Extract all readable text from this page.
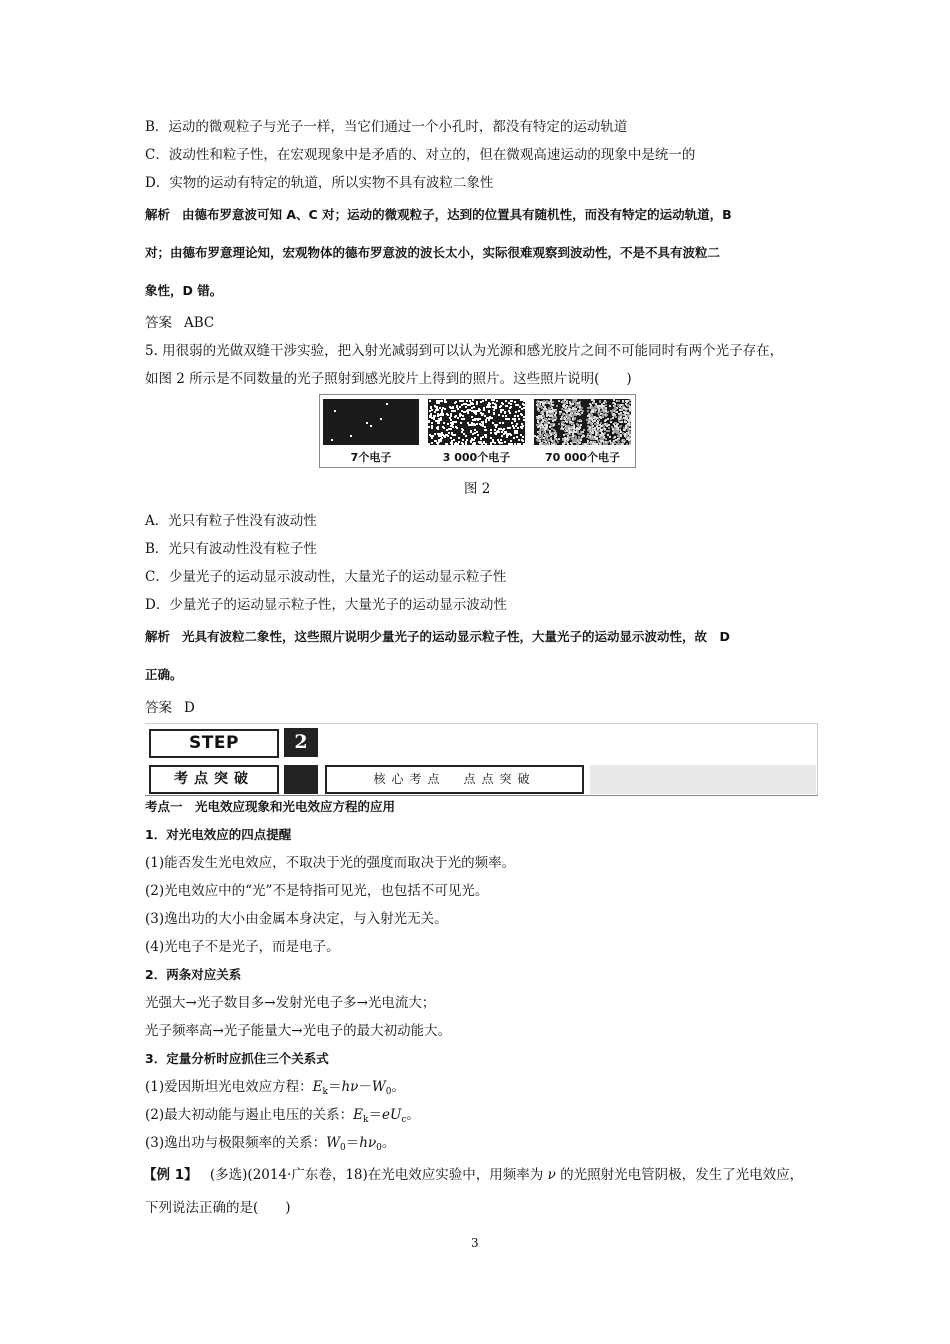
B．运动的微观粒子与光子一样，当它们通过一个小孔时，都没有特定的运动轨道
C．波动性和粒子性，在宏观现象中是矛盾的、对立的，但在微观高速运动的现象中是统一的
D．实物的运动有特定的轨道，所以实物不具有波粒二象性
解析 由德布罗意波可知 A、C 对；运动的微观粒子，达到的位置具有随机性，而没有特定的运动轨道，B
对；由德布罗意理论知，宏观物体的德布罗意波的波长太小，实际很难观察到波动性，不是不具有波粒二
象性，D 错。
答案 ABC
5. 用很弱的光做双缝干涉实验，把入射光减弱到可以认为光源和感光胶片之间不可能同时有两个光子存在，
如图 2 所示是不同数量的光子照射到感光胶片上得到的照片。这些照片说明(　　)
7个电子	3 000个电子	70 000个电子
图 2
A．光只有粒子性没有波动性
B．光只有波动性没有粒子性
C．少量光子的运动显示波动性，大量光子的运动显示粒子性
D．少量光子的运动显示粒子性，大量光子的运动显示波动性
解析 光具有波粒二象性，这些照片说明少量光子的运动显示粒子性，大量光子的运动显示波动性，故　D
正确。
答案 D
STEP	2
考点突破	核心考点　点点突破
考点一　光电效应现象和光电效应方程的应用
1．对光电效应的四点提醒
(1)能否发生光电效应，不取决于光的强度而取决于光的频率。
(2)光电效应中的“光”不是特指可见光，也包括不可见光。
(3)逸出功的大小由金属本身决定，与入射光无关。
(4)光电子不是光子，而是电子。
2．两条对应关系
光强大→光子数目多→发射光电子多→光电流大；
光子频率高→光子能量大→光电子的最大初动能大。
3．定量分析时应抓住三个关系式
(1)爱因斯坦光电效应方程：$E_k=h\nu-W_0$。
(2)最大初动能与遏止电压的关系：$E_k=eU_c$。
(3)逸出功与极限频率的关系：$W_0=h\nu_0$。
【例 1】 (多选)(2014·广东卷，18)在光电效应实验中，用频率为 ν 的光照射光电管阴极，发生了光电效应，
下列说法正确的是(　　)
3
